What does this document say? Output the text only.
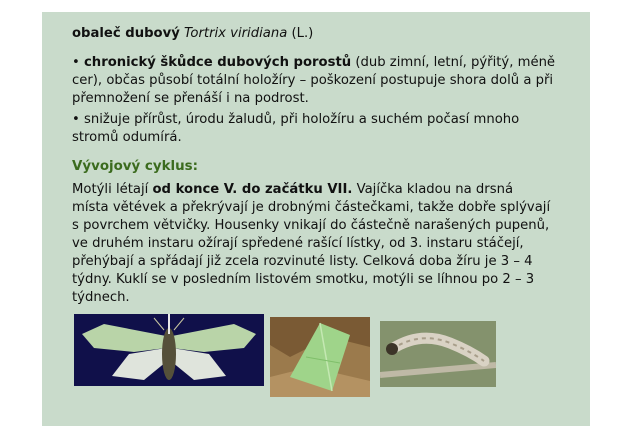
obaleč dubový Tortrix viridiana (L.)
• chronický škůdce dubových porostů (dub zimní, letní, pýřitý, méně
cer), občas působí totální holožíry – poškození postupuje shora dolů a při
přemnožení se přenáší i na podrost.
• snižuje přírůst, úrodu žaludů, při holožíru a suchém počasí mnoho
stromů odumírá.
Vývojový cyklus:
Motýli létají od konce V. do začátku VII. Vajíčka kladou na drsná
místa větévek a překrývají je drobnými částečkami, takže dobře splývají
s povrchem větvičky. Housenky vnikají do částečně narašených pupenů,
ve druhém instaru ožírají spředené rašící lístky, od 3. instaru stáčejí,
přehýbají a spřádají již zcela rozvinuté listy. Celková doba žíru je 3 – 4
týdny. Kuklí se v posledním listovém smotku, motýli se líhnou po 2 – 3
týdnech.
